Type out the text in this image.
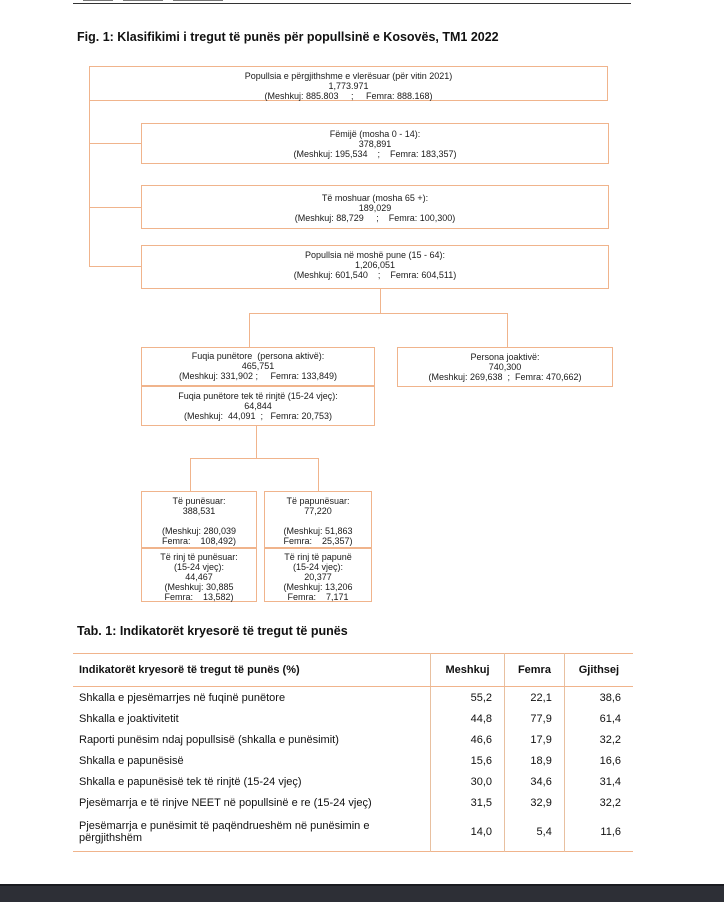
Fig. 1: Klasifikimi i tregut të punës për popullsinë e Kosovës, TM1 2022
Popullsia e përgjithshme e vlerësuar (për vitin 2021)
1,773.971
(Meshkuj: 885.803     ;     Femra: 888.168)
Fëmijë (mosha 0 - 14):
378,891
(Meshkuj: 195,534    ;    Femra: 183,357)
Të moshuar (mosha 65 +):
189,029
(Meshkuj: 88,729     ;    Femra: 100,300)
Popullsia në moshë pune (15 - 64):
1,206,051
(Meshkuj: 601,540    ;    Femra: 604,511)
Fuqia punëtore  (persona aktivë):
465,751
(Meshkuj: 331,902 ;     Femra: 133,849)
Fuqia punëtore tek të rinjtë (15-24 vjeç):
64,844
(Meshkuj:  44,091  ;   Femra: 20,753)
Persona joaktivë:
740,300
(Meshkuj: 269,638  ;  Femra: 470,662)
Të punësuar:
388,531
(Meshkuj: 280,039
Femra:    108,492)
Të papunësuar:
77,220
(Meshkuj: 51,863
Femra:    25,357)
Të rinj të punësuar:
(15-24 vjeç):
44,467
(Meshkuj: 30,885
Femra:    13,582)
Të rinj të papunë
(15-24 vjeç):
20,377
(Meshkuj: 13,206
Femra:    7,171
Tab. 1: Indikatorët kryesorë të tregut të punës
Indikatorët kryesorë të tregut të punës (%)	Meshkuj	Femra	Gjithsej
Shkalla e pjesëmarrjes në fuqinë punëtore	55,2	22,1	38,6
Shkalla e joaktivitetit	44,8	77,9	61,4
Raporti punësim ndaj popullsisë (shkalla e punësimit)	46,6	17,9	32,2
Shkalla e papunësisë	15,6	18,9	16,6
Shkalla e papunësisë tek të rinjtë (15-24 vjeç)	30,0	34,6	31,4
Pjesëmarrja e të rinjve NEET në popullsinë e re (15-24 vjeç)	31,5	32,9	32,2
Pjesëmarrja e punësimit të paqëndrueshëm në punësimin e përgjithshëm	14,0	5,4	11,6
